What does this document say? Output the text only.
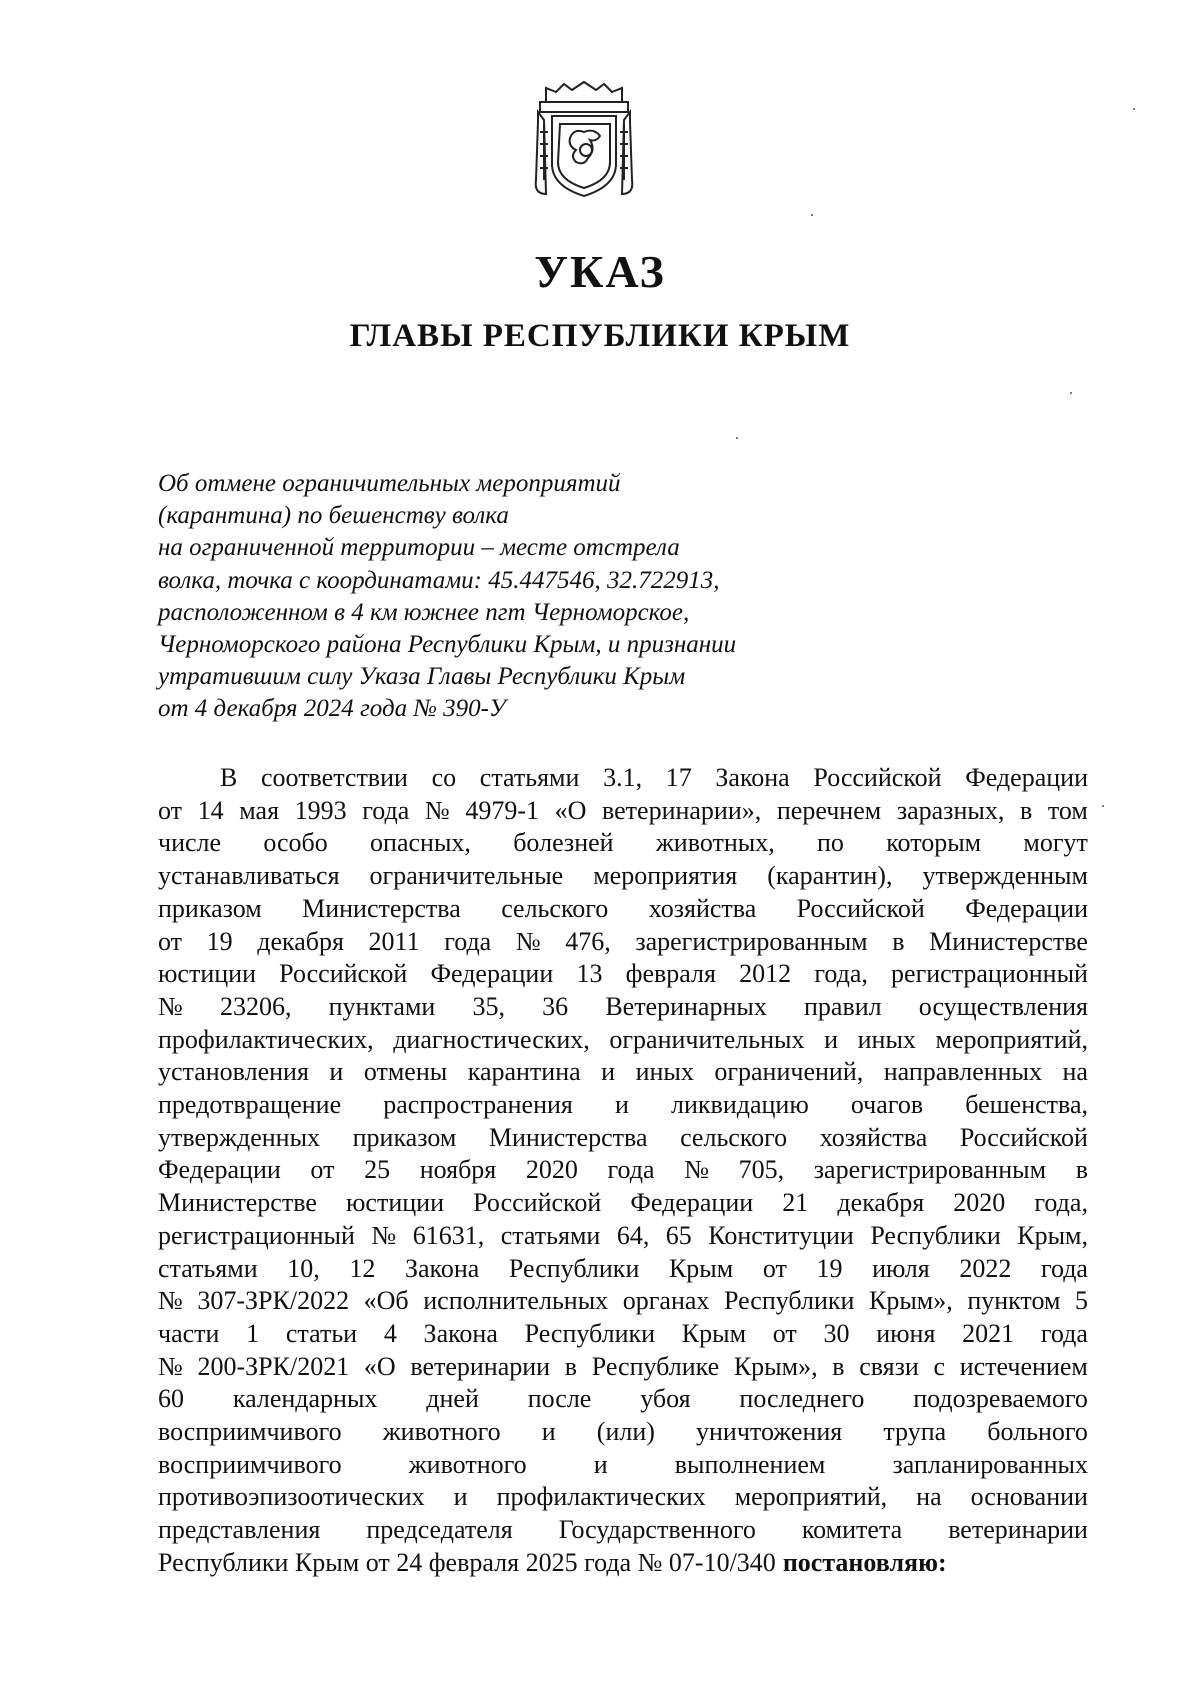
УКАЗ
ГЛАВЫ РЕСПУБЛИКИ КРЫМ
Об отмене ограничительных мероприятий
(карантина) по бешенству волка
на ограниченной территории – месте отстрела
волка, точка с координатами: 45.447546, 32.722913,
расположенном в 4 км южнее пгт Черноморское,
Черноморского района Республики Крым, и признании
утратившим силу Указа Главы Республики Крым
от 4 декабря 2024 года № 390-У
В соответствии со статьями 3.1, 17 Закона Российской Федерации
от 14 мая 1993 года № 4979-1 «О ветеринарии», перечнем заразных, в том
числе особо опасных, болезней животных, по которым могут
устанавливаться ограничительные мероприятия (карантин), утвержденным
приказом Министерства сельского хозяйства Российской Федерации
от 19 декабря 2011 года № 476, зарегистрированным в Министерстве
юстиции Российской Федерации 13 февраля 2012 года, регистрационный
№ 23206, пунктами 35, 36 Ветеринарных правил осуществления
профилактических, диагностических, ограничительных и иных мероприятий,
установления и отмены карантина и иных ограничений, направленных на
предотвращение распространения и ликвидацию очагов бешенства,
утвержденных приказом Министерства сельского хозяйства Российской
Федерации от 25 ноября 2020 года № 705, зарегистрированным в
Министерстве юстиции Российской Федерации 21 декабря 2020 года,
регистрационный № 61631, статьями 64, 65 Конституции Республики Крым,
статьями 10, 12 Закона Республики Крым от 19 июля 2022 года
№ 307-ЗРК/2022 «Об исполнительных органах Республики Крым», пунктом 5
части 1 статьи 4 Закона Республики Крым от 30 июня 2021 года
№ 200-ЗРК/2021 «О ветеринарии в Республике Крым», в связи с истечением
60 календарных дней после убоя последнего подозреваемого
восприимчивого животного и (или) уничтожения трупа больного
восприимчивого	животного	и	выполнением	запланированных
противоэпизоотических и профилактических мероприятий, на основании
представления председателя Государственного комитета ветеринарии
Республики Крым от 24 февраля 2025 года № 07-10/340 постановляю:
